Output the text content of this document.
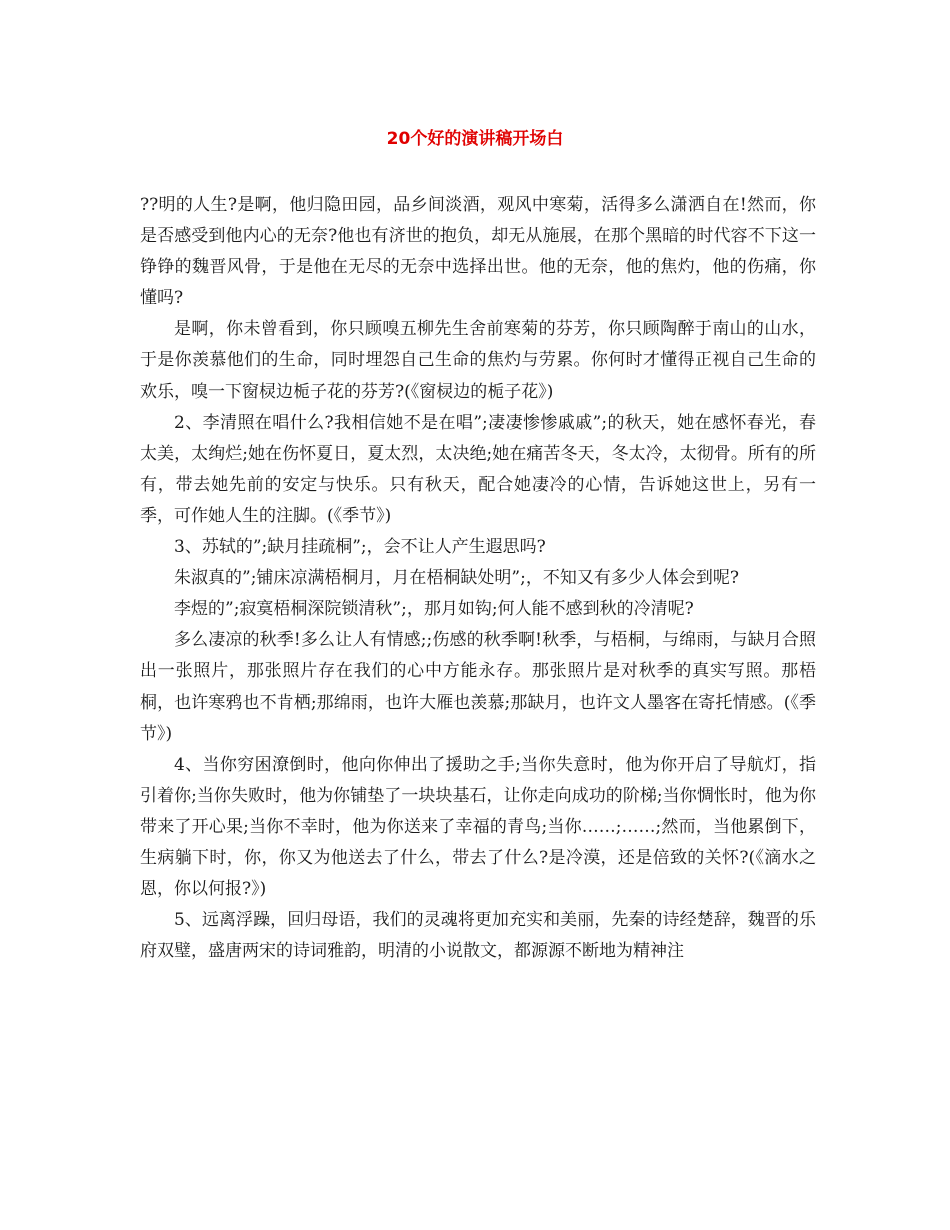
20个好的演讲稿开场白

??明的人生?是啊，他归隐田园，品乡间淡酒，观风中寒菊，活得多么潇洒自在!然而，你是否感受到他内心的无奈?他也有济世的抱负，却无从施展，在那个黑暗的时代容不下这一铮铮的魏晋风骨，于是他在无尽的无奈中选择出世。他的无奈，他的焦灼，他的伤痛，你懂吗?

是啊，你未曾看到，你只顾嗅五柳先生舍前寒菊的芬芳，你只顾陶醉于南山的山水，于是你羡慕他们的生命，同时埋怨自己生命的焦灼与劳累。你何时才懂得正视自己生命的欢乐，嗅一下窗棂边栀子花的芬芳?(《窗棂边的栀子花》)

2、李清照在唱什么?我相信她不是在唱”;凄凄惨惨戚戚”;的秋天，她在感怀春光，春太美，太绚烂;她在伤怀夏日，夏太烈，太决绝;她在痛苦冬天，冬太冷，太彻骨。所有的所有，带去她先前的安定与快乐。只有秋天，配合她凄冷的心情，告诉她这世上，另有一季，可作她人生的注脚。(《季节》)

3、苏轼的”;缺月挂疏桐”;，会不让人产生遐思吗?

朱淑真的”;铺床凉满梧桐月，月在梧桐缺处明”;，不知又有多少人体会到呢?

李煜的”;寂寞梧桐深院锁清秋”;，那月如钩;何人能不感到秋的冷清呢?

多么凄凉的秋季!多么让人有情感;;伤感的秋季啊!秋季，与梧桐，与绵雨，与缺月合照出一张照片，那张照片存在我们的心中方能永存。那张照片是对秋季的真实写照。那梧桐，也许寒鸦也不肯栖;那绵雨，也许大雁也羡慕;那缺月，也许文人墨客在寄托情感。(《季节》)

4、当你穷困潦倒时，他向你伸出了援助之手;当你失意时，他为你开启了导航灯，指引着你;当你失败时，他为你铺垫了一块块基石，让你走向成功的阶梯;当你惆怅时，他为你带来了开心果;当你不幸时，他为你送来了幸福的青鸟;当你……;……;然而，当他累倒下，生病躺下时，你，你又为他送去了什么，带去了什么?是冷漠，还是倍致的关怀?(《滴水之恩，你以何报?》)

5、远离浮躁，回归母语，我们的灵魂将更加充实和美丽，先秦的诗经楚辞，魏晋的乐府双璧，盛唐两宋的诗词雅韵，明清的小说散文，都源源不断地为精神注
